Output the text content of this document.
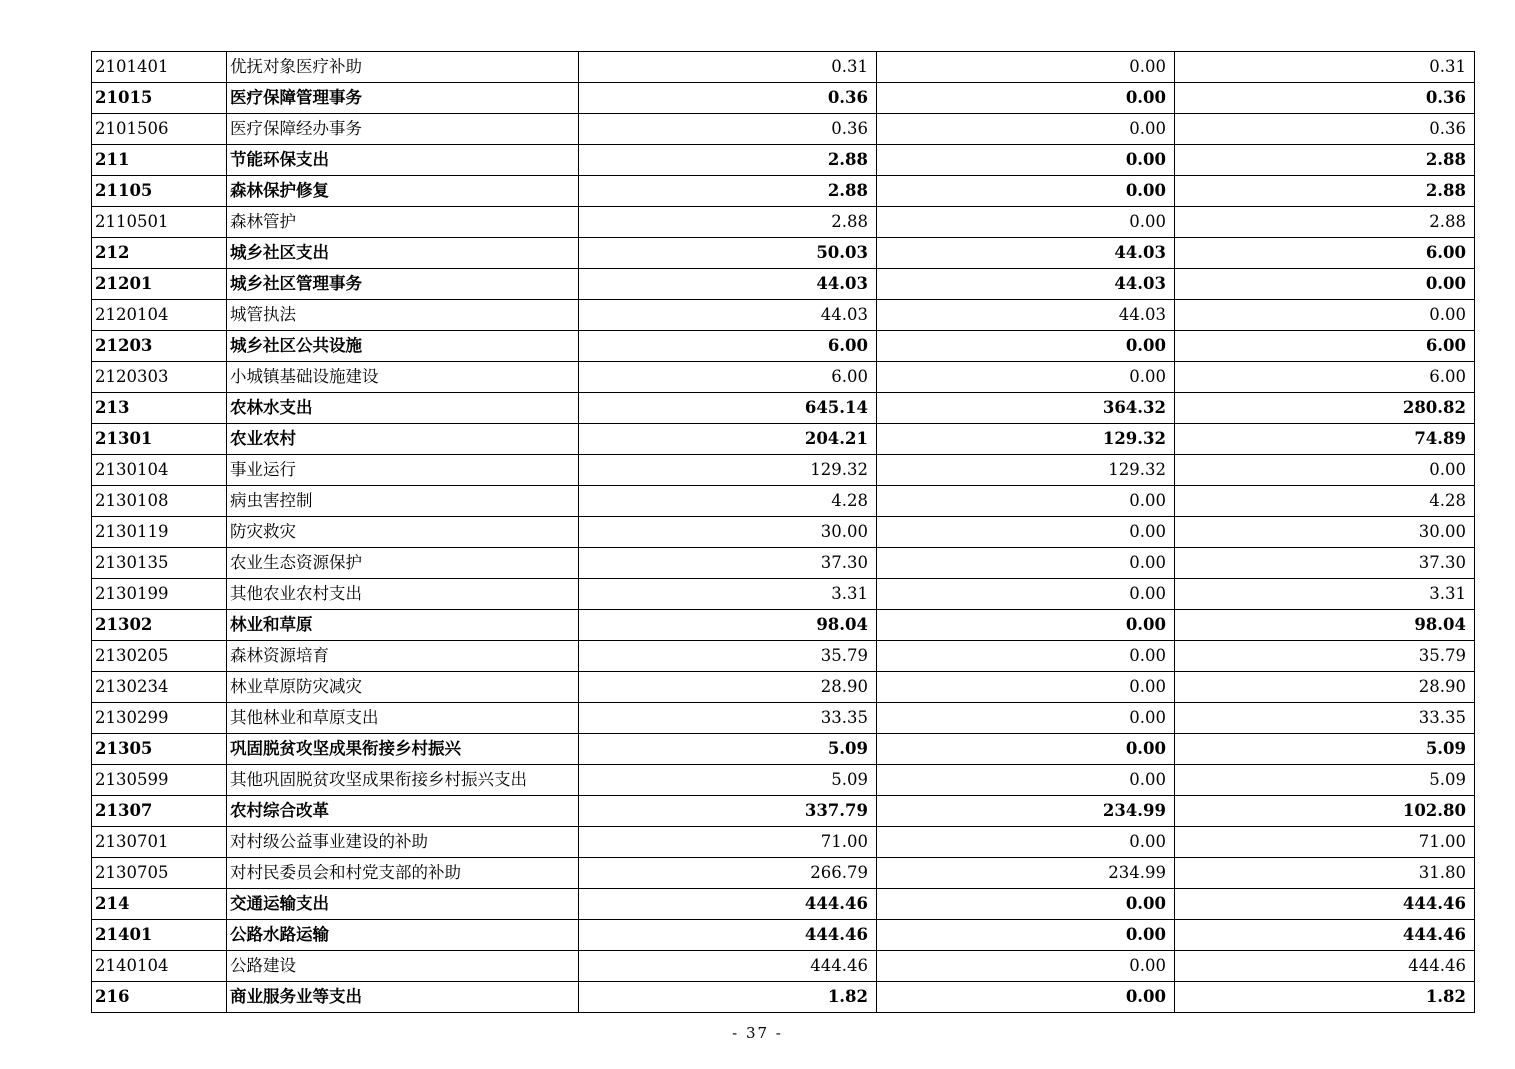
2101401	优抚对象医疗补助	0.31	0.00	0.31
21015	医疗保障管理事务	0.36	0.00	0.36
2101506	医疗保障经办事务	0.36	0.00	0.36
211	节能环保支出	2.88	0.00	2.88
21105	森林保护修复	2.88	0.00	2.88
2110501	森林管护	2.88	0.00	2.88
212	城乡社区支出	50.03	44.03	6.00
21201	城乡社区管理事务	44.03	44.03	0.00
2120104	城管执法	44.03	44.03	0.00
21203	城乡社区公共设施	6.00	0.00	6.00
2120303	小城镇基础设施建设	6.00	0.00	6.00
213	农林水支出	645.14	364.32	280.82
21301	农业农村	204.21	129.32	74.89
2130104	事业运行	129.32	129.32	0.00
2130108	病虫害控制	4.28	0.00	4.28
2130119	防灾救灾	30.00	0.00	30.00
2130135	农业生态资源保护	37.30	0.00	37.30
2130199	其他农业农村支出	3.31	0.00	3.31
21302	林业和草原	98.04	0.00	98.04
2130205	森林资源培育	35.79	0.00	35.79
2130234	林业草原防灾减灾	28.90	0.00	28.90
2130299	其他林业和草原支出	33.35	0.00	33.35
21305	巩固脱贫攻坚成果衔接乡村振兴	5.09	0.00	5.09
2130599	其他巩固脱贫攻坚成果衔接乡村振兴支出	5.09	0.00	5.09
21307	农村综合改革	337.79	234.99	102.80
2130701	对村级公益事业建设的补助	71.00	0.00	71.00
2130705	对村民委员会和村党支部的补助	266.79	234.99	31.80
214	交通运输支出	444.46	0.00	444.46
21401	公路水路运输	444.46	0.00	444.46
2140104	公路建设	444.46	0.00	444.46
216	商业服务业等支出	1.82	0.00	1.82
- 37 -
